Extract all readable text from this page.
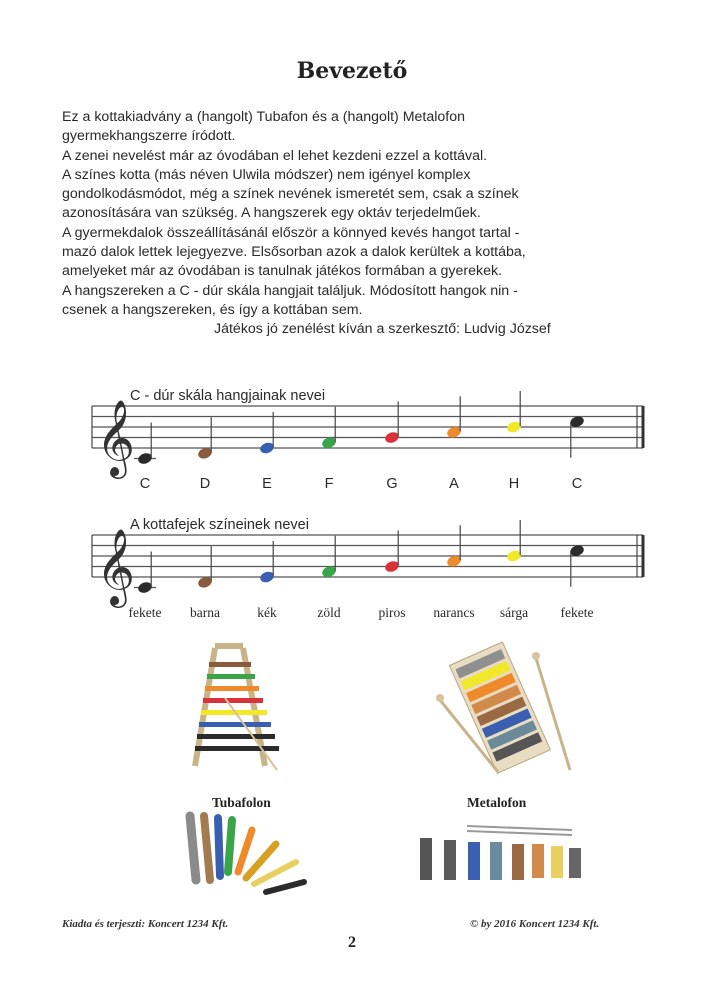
Bevezető
Ez a kottakiadvány a (hangolt) Tubafon és a (hangolt) Metalofon
gyermekhangszerre íródott.
A zenei nevelést már az óvodában el lehet kezdeni ezzel a kottával.
A színes kotta (más néven Ulwila módszer) nem igényel komplex
gondolkodásmódot, még a színek nevének ismeretét sem, csak a színek
azonosítására van szükség. A hangszerek egy oktáv terjedelműek.
A gyermekdalok összeállításánál először a könnyed kevés hangot tartal -
mazó dalok lettek lejegyezve. Elsősorban azok a dalok kerültek a kottába,
amelyeket már az óvodában is tanulnak játékos formában a gyerekek.
A hangszereken a C - dúr skála hangjait találjuk. Módosított hangok nin -
csenek a hangszereken, és így a kottában sem.
Játékos jó zenélést kíván a szerkesztő: Ludvig József
C - dúr skála hangjainak nevei
𝄞
C	D	E	F	G	A	H	C
A kottafejek színeinek nevei
𝄞
fekete barna	kék	zöld	piros narancs sárga fekete
Tubafolon	Metalofon
Kiadta és terjeszti: Koncert 1234 Kft.	© by 2016 Koncert 1234 Kft.
2
